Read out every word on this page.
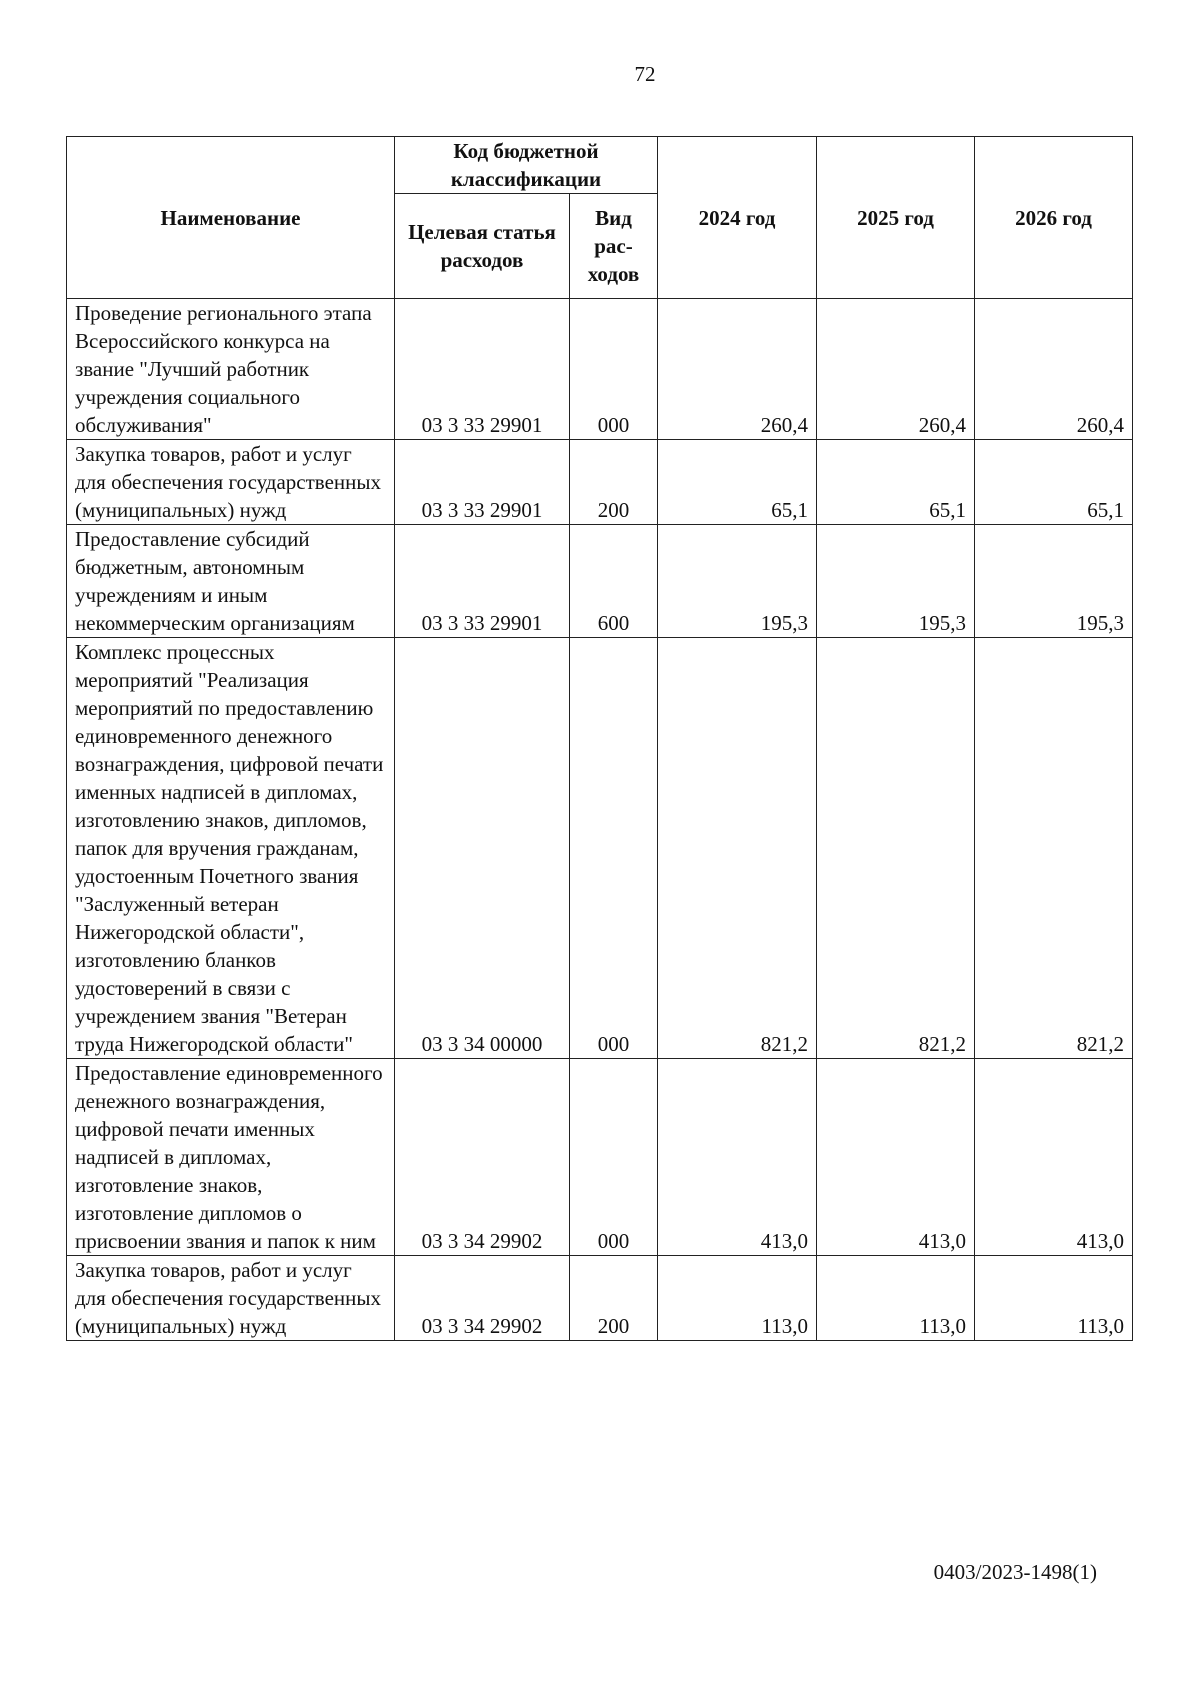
72
Наименование	Код бюджетной классификации		2024 год	2025 год	2026 год
	Целевая статья расходов	Вид рас-ходов			
Проведение регионального этапа Всероссийского конкурса на звание "Лучший работник учреждения социального обслуживания"	03 3 33 29901	000	260,4	260,4	260,4
Закупка товаров, работ и услуг для обеспечения государственных (муниципальных) нужд	03 3 33 29901	200	65,1	65,1	65,1
Предоставление субсидий бюджетным, автономным учреждениям и иным некоммерческим организациям	03 3 33 29901	600	195,3	195,3	195,3
Комплекс процессных мероприятий "Реализация мероприятий по предоставлению единовременного денежного вознаграждения, цифровой печати именных надписей в дипломах, изготовлению знаков, дипломов, папок для вручения гражданам, удостоенным Почетного звания "Заслуженный ветеран Нижегородской области", изготовлению бланков удостоверений в связи с учреждением звания "Ветеран труда Нижегородской области"	03 3 34 00000	000	821,2	821,2	821,2
Предоставление единовременного денежного вознаграждения, цифровой печати именных надписей в дипломах, изготовление знаков, изготовление дипломов о присвоении звания и папок к ним	03 3 34 29902	000	413,0	413,0	413,0
Закупка товаров, работ и услуг для обеспечения государственных (муниципальных) нужд	03 3 34 29902	200	113,0	113,0	113,0
0403/2023-1498(1)
